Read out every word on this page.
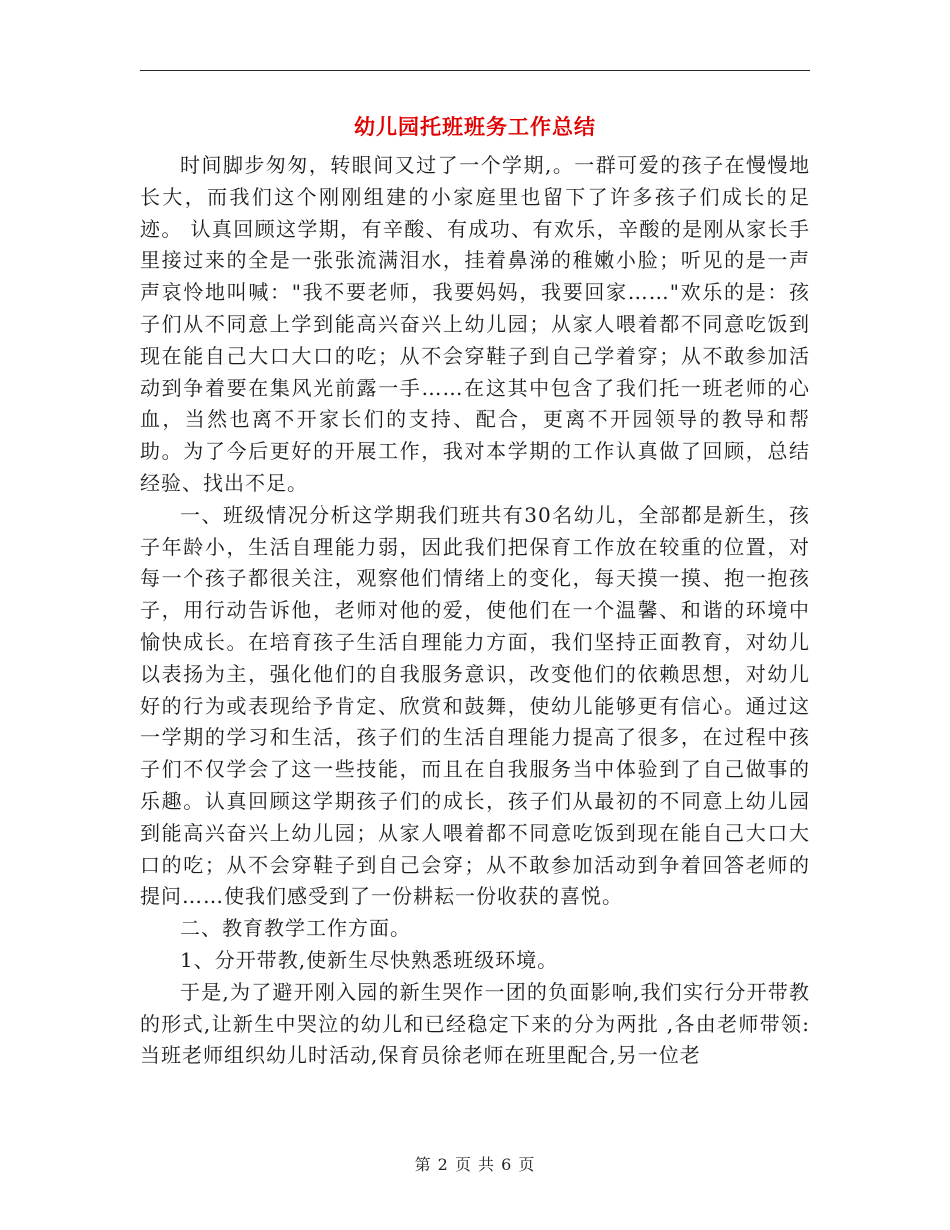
幼儿园托班班务工作总结

时间脚步匆匆，转眼间又过了一个学期,。一群可爱的孩子在慢慢地长大，而我们这个刚刚组建的小家庭里也留下了许多孩子们成长的足迹。 认真回顾这学期，有辛酸、有成功、有欢乐，辛酸的是刚从家长手里接过来的全是一张张流满泪水，挂着鼻涕的稚嫩小脸；听见的是一声声哀怜地叫喊："我不要老师，我要妈妈，我要回家……"欢乐的是：孩子们从不同意上学到能高兴奋兴上幼儿园；从家人喂着都不同意吃饭到现在能自己大口大口的吃；从不会穿鞋子到自己学着穿；从不敢参加活动到争着要在集风光前露一手……在这其中包含了我们托一班老师的心血，当然也离不开家长们的支持、配合，更离不开园领导的教导和帮助。为了今后更好的开展工作，我对本学期的工作认真做了回顾，总结经验、找出不足。

一、班级情况分析这学期我们班共有30名幼儿，全部都是新生，孩子年龄小，生活自理能力弱，因此我们把保育工作放在较重的位置，对每一个孩子都很关注，观察他们情绪上的变化，每天摸一摸、抱一抱孩子，用行动告诉他，老师对他的爱，使他们在一个温馨、和谐的环境中愉快成长。在培育孩子生活自理能力方面，我们坚持正面教育，对幼儿以表扬为主，强化他们的自我服务意识，改变他们的依赖思想，对幼儿好的行为或表现给予肯定、欣赏和鼓舞，使幼儿能够更有信心。通过这一学期的学习和生活，孩子们的生活自理能力提高了很多，在过程中孩子们不仅学会了这一些技能，而且在自我服务当中体验到了自己做事的乐趣。认真回顾这学期孩子们的成长，孩子们从最初的不同意上幼儿园到能高兴奋兴上幼儿园；从家人喂着都不同意吃饭到现在能自己大口大口的吃；从不会穿鞋子到自己会穿；从不敢参加活动到争着回答老师的提问……使我们感受到了一份耕耘一份收获的喜悦。

二、教育教学工作方面。

1、分开带教,使新生尽快熟悉班级环境。

于是,为了避开刚入园的新生哭作一团的负面影响,我们实行分开带教的形式,让新生中哭泣的幼儿和已经稳定下来的分为两批 ,各由老师带领:当班老师组织幼儿时活动,保育员徐老师在班里配合,另一位老

第 2 页 共 6 页
